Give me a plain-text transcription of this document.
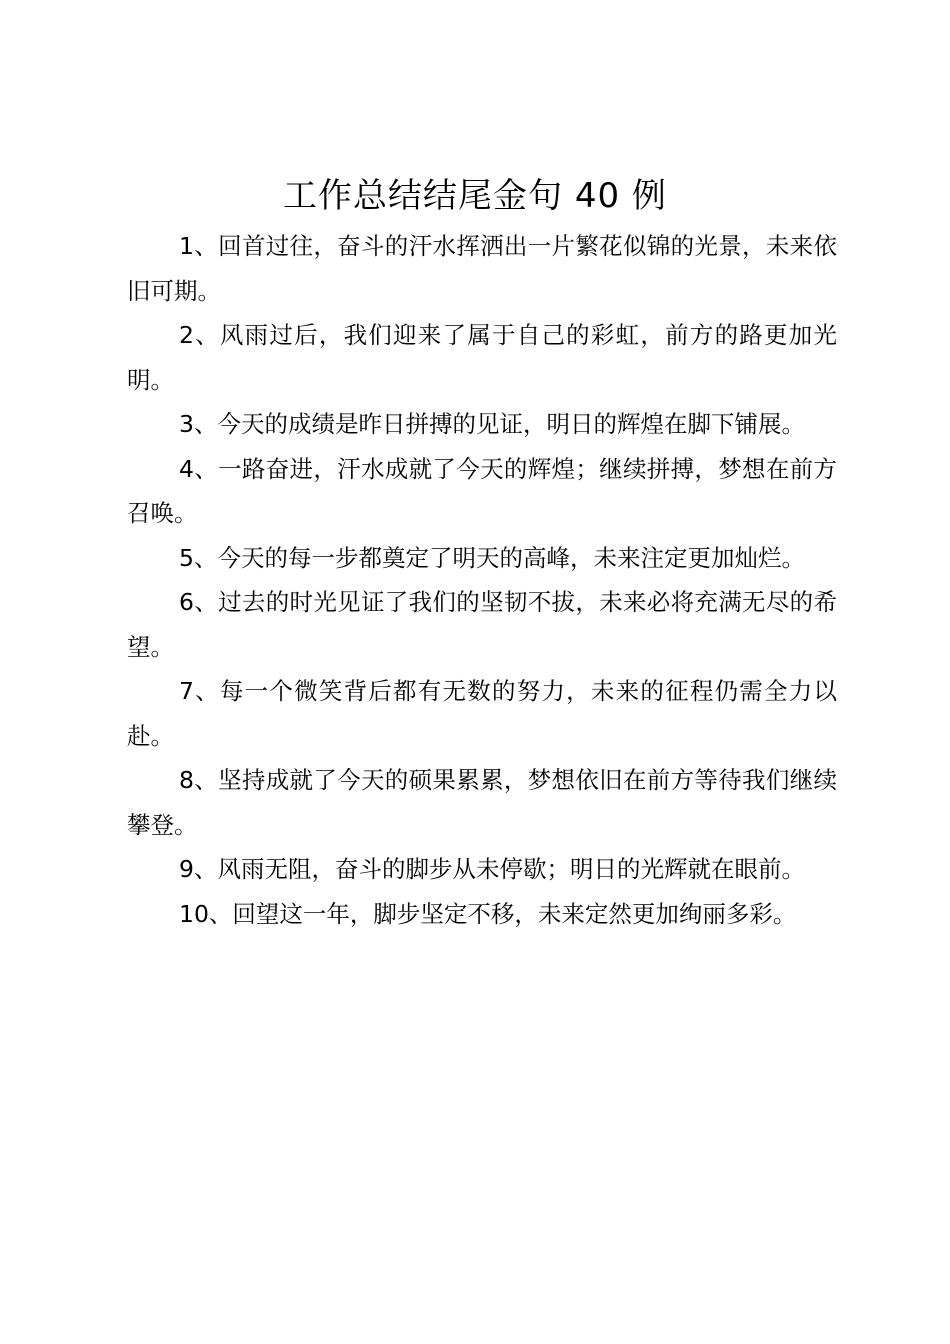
工作总结结尾金句 40 例

1、回首过往，奋斗的汗水挥洒出一片繁花似锦的光景，未来依旧可期。

2、风雨过后，我们迎来了属于自己的彩虹，前方的路更加光明。

3、今天的成绩是昨日拼搏的见证，明日的辉煌在脚下铺展。

4、一路奋进，汗水成就了今天的辉煌；继续拼搏，梦想在前方召唤。

5、今天的每一步都奠定了明天的高峰，未来注定更加灿烂。

6、过去的时光见证了我们的坚韧不拔，未来必将充满无尽的希望。

7、每一个微笑背后都有无数的努力，未来的征程仍需全力以赴。

8、坚持成就了今天的硕果累累，梦想依旧在前方等待我们继续攀登。

9、风雨无阻，奋斗的脚步从未停歇；明日的光辉就在眼前。

10、回望这一年，脚步坚定不移，未来定然更加绚丽多彩。
